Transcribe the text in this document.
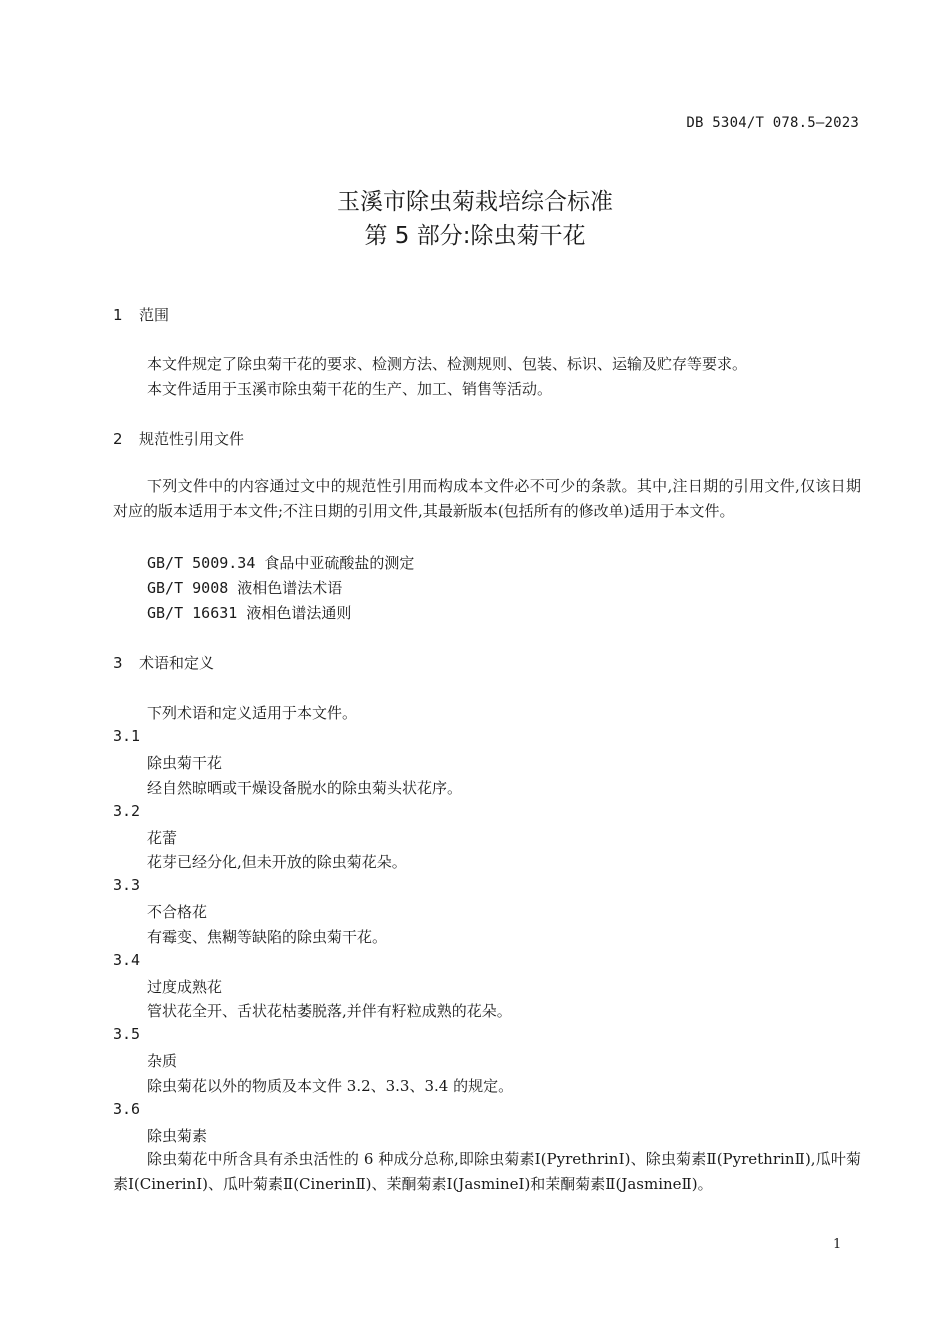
DB 5304/T 078.5—2023
玉溪市除虫菊栽培综合标准
第 5 部分:除虫菊干花
1 范围
本文件规定了除虫菊干花的要求、检测方法、检测规则、包装、标识、运输及贮存等要求。
本文件适用于玉溪市除虫菊干花的生产、加工、销售等活动。
2 规范性引用文件
下列文件中的内容通过文中的规范性引用而构成本文件必不可少的条款。其中,注日期的引用文件,仅该日期对应的版本适用于本文件;不注日期的引用文件,其最新版本(包括所有的修改单)适用于本文件。
GB/T 5009.34 食品中亚硫酸盐的测定
GB/T 9008 液相色谱法术语
GB/T 16631 液相色谱法通则
3 术语和定义
下列术语和定义适用于本文件。
3.1
除虫菊干花
经自然晾晒或干燥设备脱水的除虫菊头状花序。
3.2
花蕾
花芽已经分化,但未开放的除虫菊花朵。
3.3
不合格花
有霉变、焦糊等缺陷的除虫菊干花。
3.4
过度成熟花
管状花全开、舌状花枯萎脱落,并伴有籽粒成熟的花朵。
3.5
杂质
除虫菊花以外的物质及本文件 3.2、3.3、3.4 的规定。
3.6
除虫菊素
除虫菊花中所含具有杀虫活性的 6 种成分总称,即除虫菊素Ⅰ(PyrethrinⅠ)、除虫菊素Ⅱ(PyrethrinⅡ),瓜叶菊素Ⅰ(CinerinⅠ)、瓜叶菊素Ⅱ(CinerinⅡ)、茉酮菊素Ⅰ(JasmineⅠ)和茉酮菊素Ⅱ(JasmineⅡ)。
1
